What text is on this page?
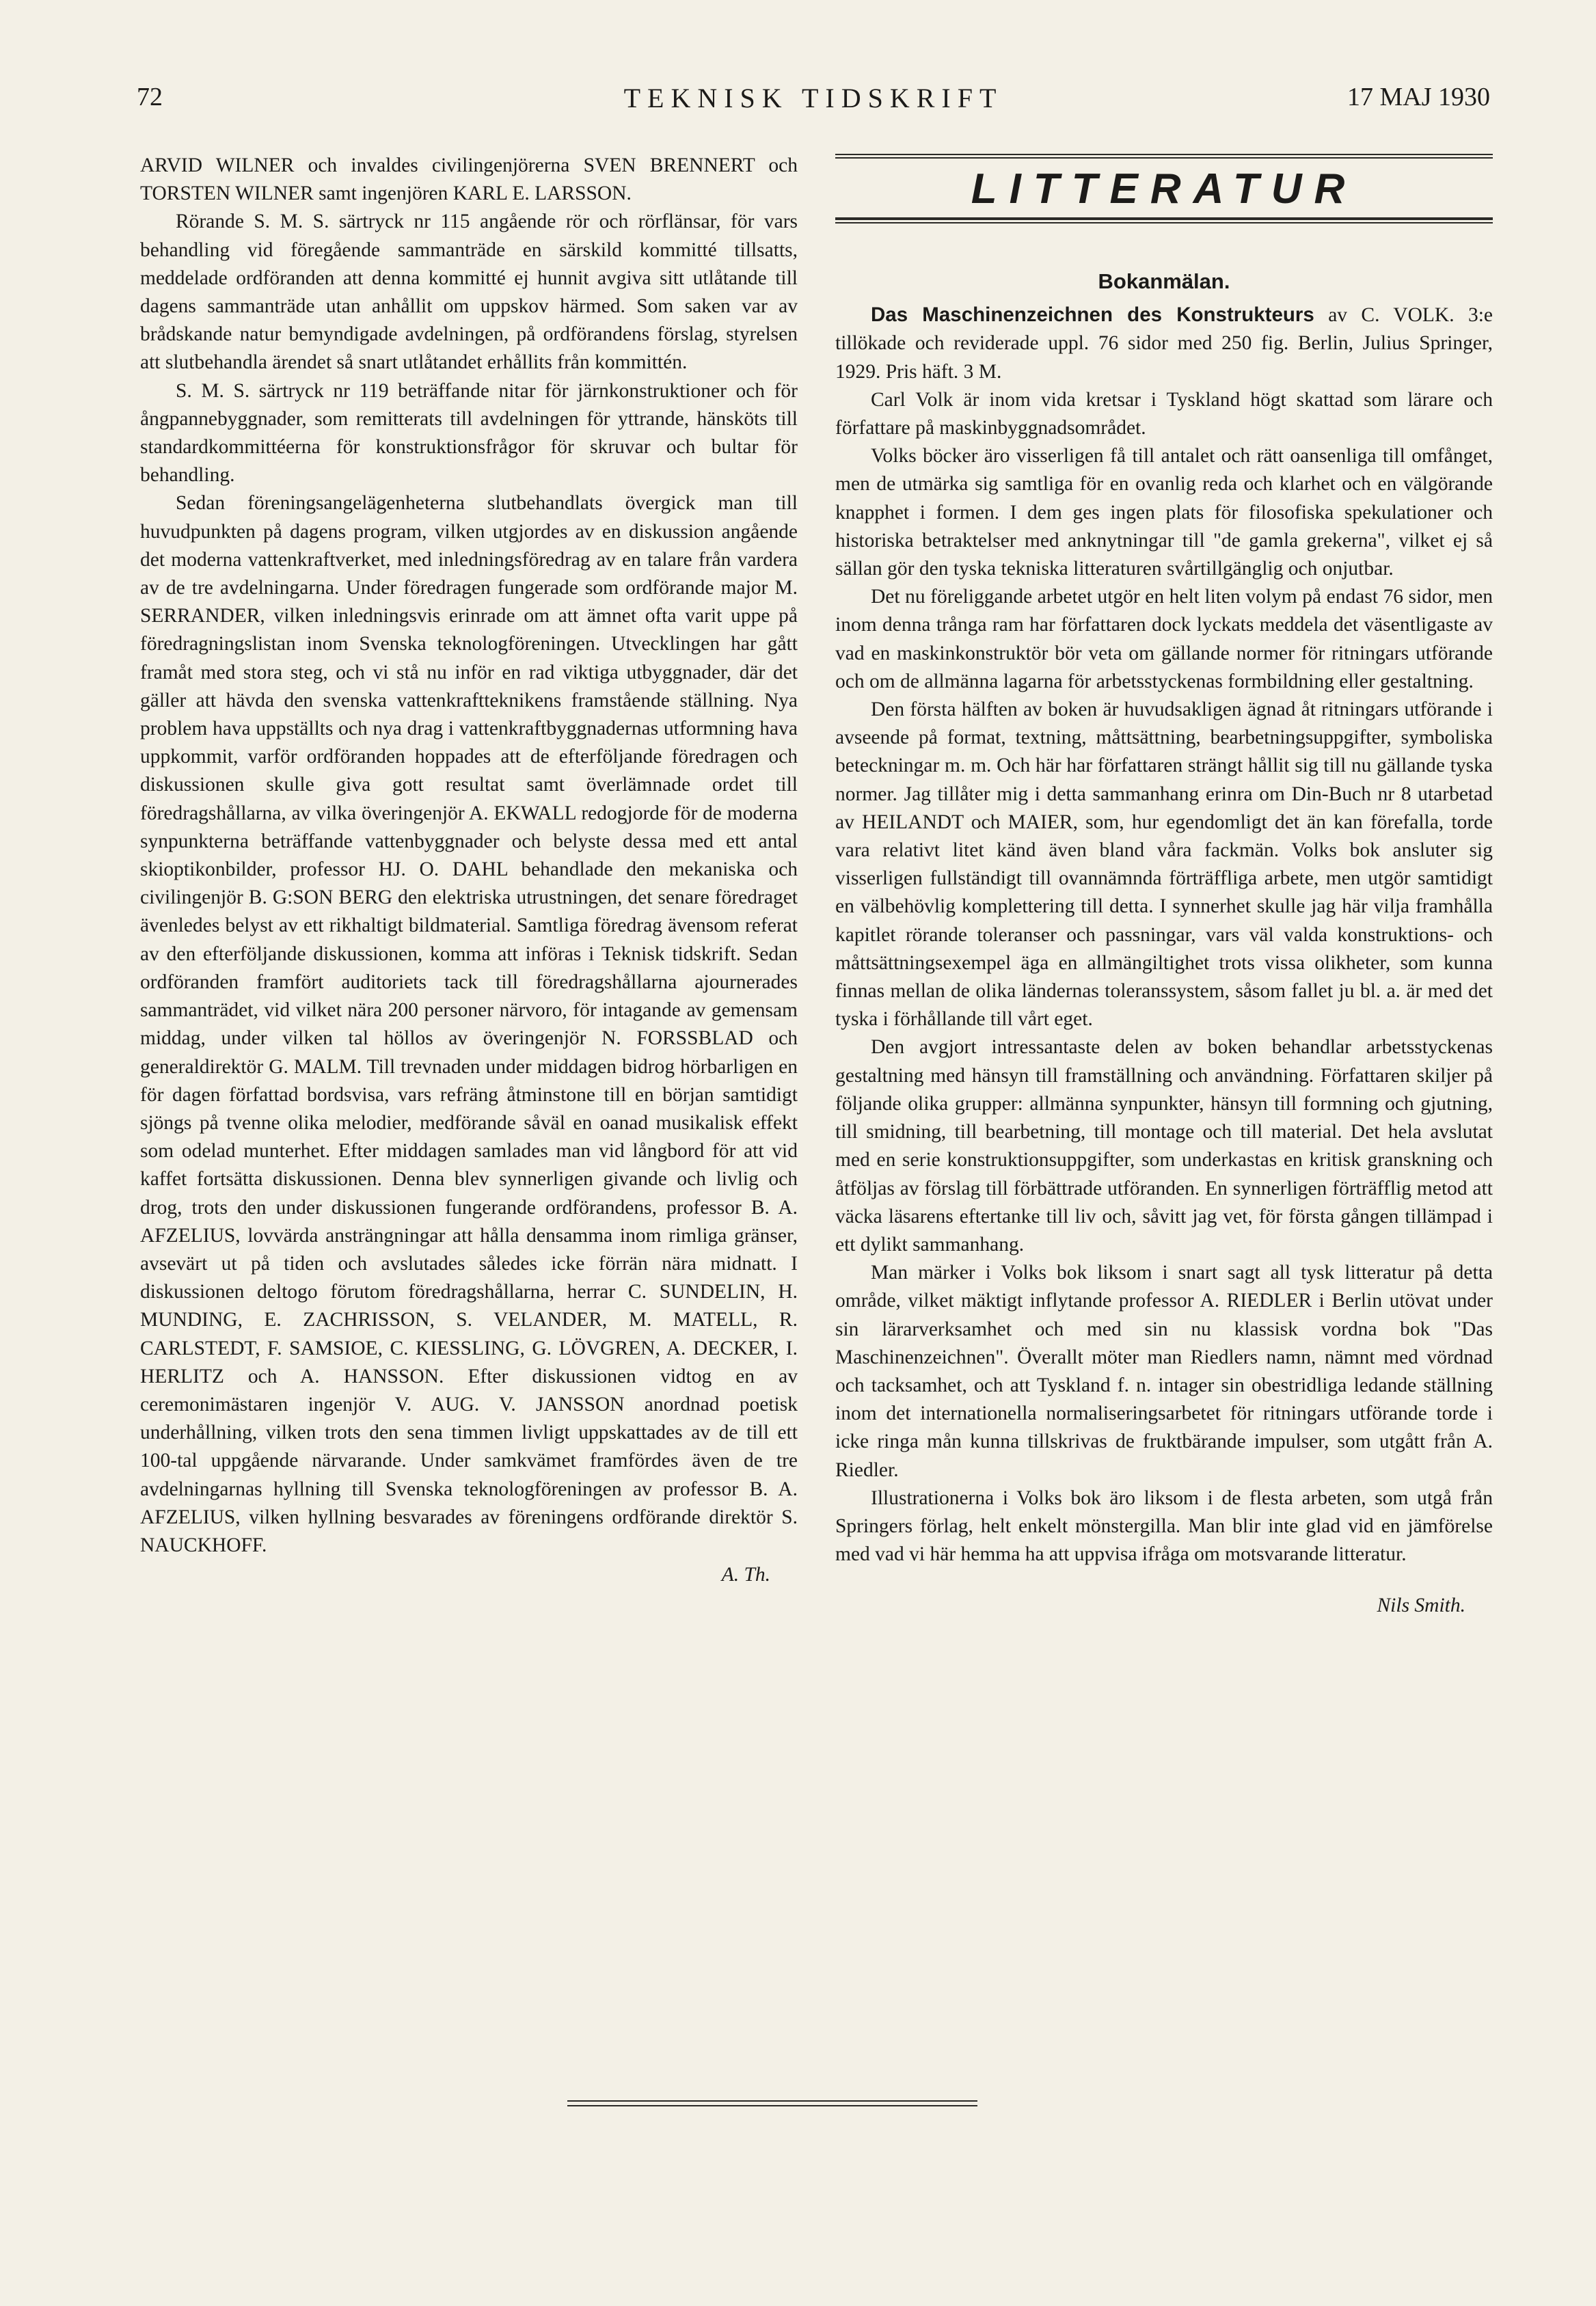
72	TEKNISK TIDSKRIFT	17 MAJ 1930

ARVID WILNER och invaldes civilingenjörerna SVEN BRENNERT och TORSTEN WILNER samt ingenjören KARL E. LARSSON.

Rörande S. M. S. särtryck nr 115 angående rör och rörflänsar, för vars behandling vid föregående sammanträde en särskild kommitté tillsatts, meddelade ordföranden att denna kommitté ej hunnit avgiva sitt utlåtande till dagens sammanträde utan anhållit om uppskov härmed. Som saken var av brådskande natur bemyndigade avdelningen, på ordförandens förslag, styrelsen att slutbehandla ärendet så snart utlåtandet erhållits från kommittén.

S. M. S. särtryck nr 119 beträffande nitar för järnkonstruktioner och för ångpannebyggnader, som remitterats till avdelningen för yttrande, hänsköts till standardkommittéerna för konstruktionsfrågor för skruvar och bultar för behandling.

Sedan föreningsangelägenheterna slutbehandlats övergick man till huvudpunkten på dagens program, vilken utgjordes av en diskussion angående det moderna vattenkraftverket, med inledningsföredrag av en talare från vardera av de tre avdelningarna. Under föredragen fungerade som ordförande major M. SERRANDER, vilken inledningsvis erinrade om att ämnet ofta varit uppe på föredragningslistan inom Svenska teknologföreningen. Utvecklingen har gått framåt med stora steg, och vi stå nu inför en rad viktiga utbyggnader, där det gäller att hävda den svenska vattenkraftteknikens framstående ställning. Nya problem hava uppställts och nya drag i vattenkraftbyggnadernas utformning hava uppkommit, varför ordföranden hoppades att de efterföljande föredragen och diskussionen skulle giva gott resultat samt överlämnade ordet till föredragshållarna, av vilka överingenjör A. EKWALL redogjorde för de moderna synpunkterna beträffande vattenbyggnader och belyste dessa med ett antal skioptikonbilder, professor HJ. O. DAHL behandlade den mekaniska och civilingenjör B. G:SON BERG den elektriska utrustningen, det senare föredraget ävenledes belyst av ett rikhaltigt bildmaterial. Samtliga föredrag ävensom referat av den efterföljande diskussionen, komma att införas i Teknisk tidskrift. Sedan ordföranden framfört auditoriets tack till föredragshållarna ajournerades sammanträdet, vid vilket nära 200 personer närvoro, för intagande av gemensam middag, under vilken tal höllos av överingenjör N. FORSSBLAD och generaldirektör G. MALM. Till trevnaden under middagen bidrog hörbarligen en för dagen författad bordsvisa, vars refräng åtminstone till en början samtidigt sjöngs på tvenne olika melodier, medförande såväl en oanad musikalisk effekt som odelad munterhet. Efter middagen samlades man vid långbord för att vid kaffet fortsätta diskussionen. Denna blev synnerligen givande och livlig och drog, trots den under diskussionen fungerande ordförandens, professor B. A. AFZELIUS, lovvärda ansträngningar att hålla densamma inom rimliga gränser, avsevärt ut på tiden och avslutades således icke förrän nära midnatt. I diskussionen deltogo förutom föredragshållarna, herrar C. SUNDELIN, H. MUNDING, E. ZACHRISSON, S. VELANDER, M. MATELL, R. CARLSTEDT, F. SAMSIOE, C. KIESSLING, G. LÖVGREN, A. DECKER, I. HERLITZ och A. HANSSON. Efter diskussionen vidtog en av ceremonimästaren ingenjör V. AUG. V. JANSSON anordnad poetisk underhållning, vilken trots den sena timmen livligt uppskattades av de till ett 100-tal uppgående närvarande. Under samkvämet framfördes även de tre avdelningarnas hyllning till Svenska teknologföreningen av professor B. A. AFZELIUS, vilken hyllning besvarades av föreningens ordförande direktör S. NAUCKHOFF.

A. Th.
LITTERATUR
Bokanmälan.

Das Maschinenzeichnen des Konstrukteurs av C. VOLK. 3:e tillökade och reviderade uppl. 76 sidor med 250 fig. Berlin, Julius Springer, 1929. Pris häft. 3 M.

Carl Volk är inom vida kretsar i Tyskland högt skattad som lärare och författare på maskinbyggnadsområdet.

Volks böcker äro visserligen få till antalet och rätt oansenliga till omfånget, men de utmärka sig samtliga för en ovanlig reda och klarhet och en välgörande knapphet i formen. I dem ges ingen plats för filosofiska spekulationer och historiska betraktelser med anknytningar till "de gamla grekerna", vilket ej så sällan gör den tyska tekniska litteraturen svårtillgänglig och onjutbar.

Det nu föreliggande arbetet utgör en helt liten volym på endast 76 sidor, men inom denna trånga ram har författaren dock lyckats meddela det väsentligaste av vad en maskinkonstruktör bör veta om gällande normer för ritningars utförande och om de allmänna lagarna för arbetsstyckenas formbildning eller gestaltning.

Den första hälften av boken är huvudsakligen ägnad åt ritningars utförande i avseende på format, textning, måttsättning, bearbetningsuppgifter, symboliska beteckningar m. m. Och här har författaren strängt hållit sig till nu gällande tyska normer. Jag tillåter mig i detta sammanhang erinra om Din-Buch nr 8 utarbetad av HEILANDT och MAIER, som, hur egendomligt det än kan förefalla, torde vara relativt litet känd även bland våra fackmän. Volks bok ansluter sig visserligen fullständigt till ovannämnda förträffliga arbete, men utgör samtidigt en välbehövlig komplettering till detta. I synnerhet skulle jag här vilja framhålla kapitlet rörande toleranser och passningar, vars väl valda konstruktions- och måttsättningsexempel äga en allmängiltighet trots vissa olikheter, som kunna finnas mellan de olika ländernas toleranssystem, såsom fallet ju bl. a. är med det tyska i förhållande till vårt eget.

Den avgjort intressantaste delen av boken behandlar arbetsstyckenas gestaltning med hänsyn till framställning och användning. Författaren skiljer på följande olika grupper: allmänna synpunkter, hänsyn till formning och gjutning, till smidning, till bearbetning, till montage och till material. Det hela avslutat med en serie konstruktionsuppgifter, som underkastas en kritisk granskning och åtföljas av förslag till förbättrade utföranden. En synnerligen förträfflig metod att väcka läsarens eftertanke till liv och, såvitt jag vet, för första gången tillämpad i ett dylikt sammanhang.

Man märker i Volks bok liksom i snart sagt all tysk litteratur på detta område, vilket mäktigt inflytande professor A. RIEDLER i Berlin utövat under sin lärarverksamhet och med sin nu klassisk vordna bok "Das Maschinenzeichnen". Överallt möter man Riedlers namn, nämnt med vördnad och tacksamhet, och att Tyskland f. n. intager sin obestridliga ledande ställning inom det internationella normaliseringsarbetet för ritningars utförande torde i icke ringa mån kunna tillskrivas de fruktbärande impulser, som utgått från A. Riedler.

Illustrationerna i Volks bok äro liksom i de flesta arbeten, som utgå från Springers förlag, helt enkelt mönstergilla. Man blir inte glad vid en jämförelse med vad vi här hemma ha att uppvisa ifråga om motsvarande litteratur.

Nils Smith.
